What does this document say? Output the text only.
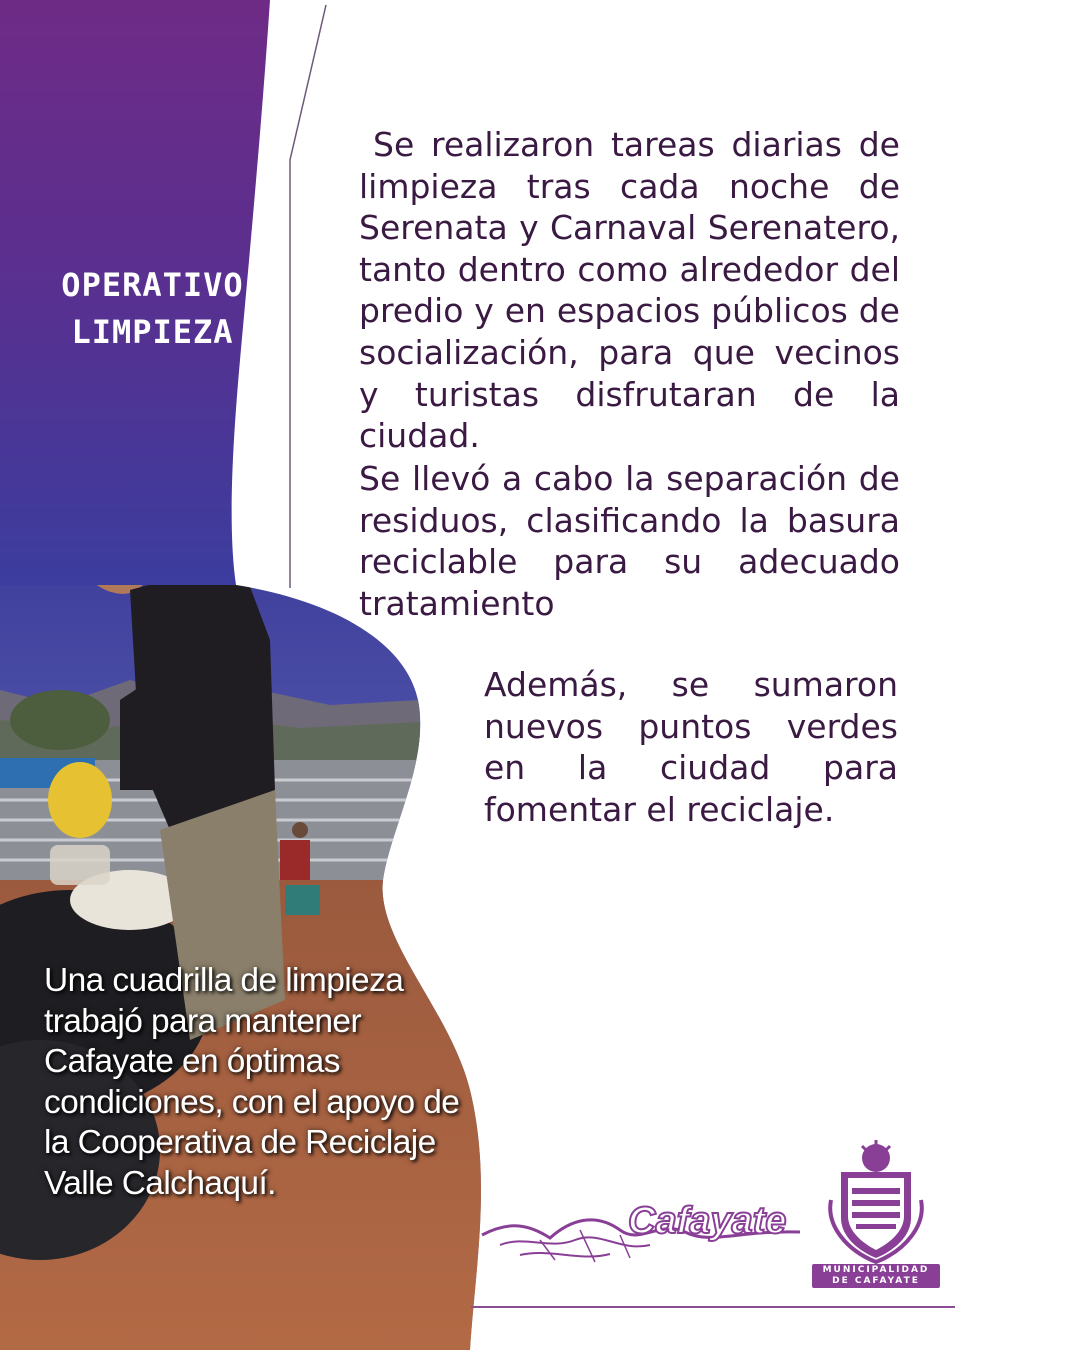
OPERATIVO
LIMPIEZA

Se realizaron tareas diarias de limpieza tras cada noche de Serenata y Carnaval Serenatero, tanto dentro como alrededor del predio y en espacios públicos de socialización, para que vecinos y turistas disfrutaran de la ciudad.

Se llevó a cabo la separación de residuos, clasificando la basura reciclable para su adecuado tratamiento

Además, se sumaron nuevos puntos verdes en la ciudad para fomentar el reciclaje.

Una cuadrilla de limpieza trabajó para mantener Cafayate en óptimas condiciones, con el apoyo de la Cooperativa de Reciclaje Valle Calchaquí.

Cafayate
MUNICIPALIDAD
DE CAFAYATE
